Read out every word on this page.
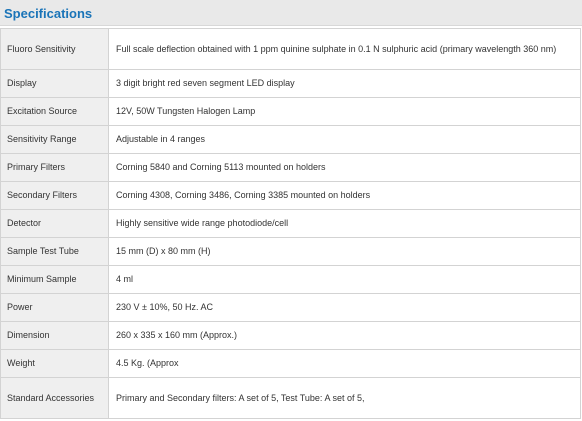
Specifications
Fluoro Sensitivity	Full scale deflection obtained with 1 ppm quinine sulphate in 0.1 N sulphuric acid (primary wavelength 360 nm)
Display	3 digit bright red seven segment LED display
Excitation Source	12V, 50W Tungsten Halogen Lamp
Sensitivity Range	Adjustable in 4 ranges
Primary Filters	Corning 5840 and Corning 5113 mounted on holders
Secondary Filters	Corning 4308, Corning 3486, Corning 3385 mounted on holders
Detector	Highly sensitive wide range photodiode/cell
Sample Test Tube	15 mm (D) x 80 mm (H)
Minimum Sample	4 ml
Power	230 V ± 10%, 50 Hz. AC
Dimension	260 x 335 x 160 mm (Approx.)
Weight	4.5 Kg. (Approx
Standard Accessories	Primary and Secondary filters: A set of 5, Test Tube: A set of 5,
